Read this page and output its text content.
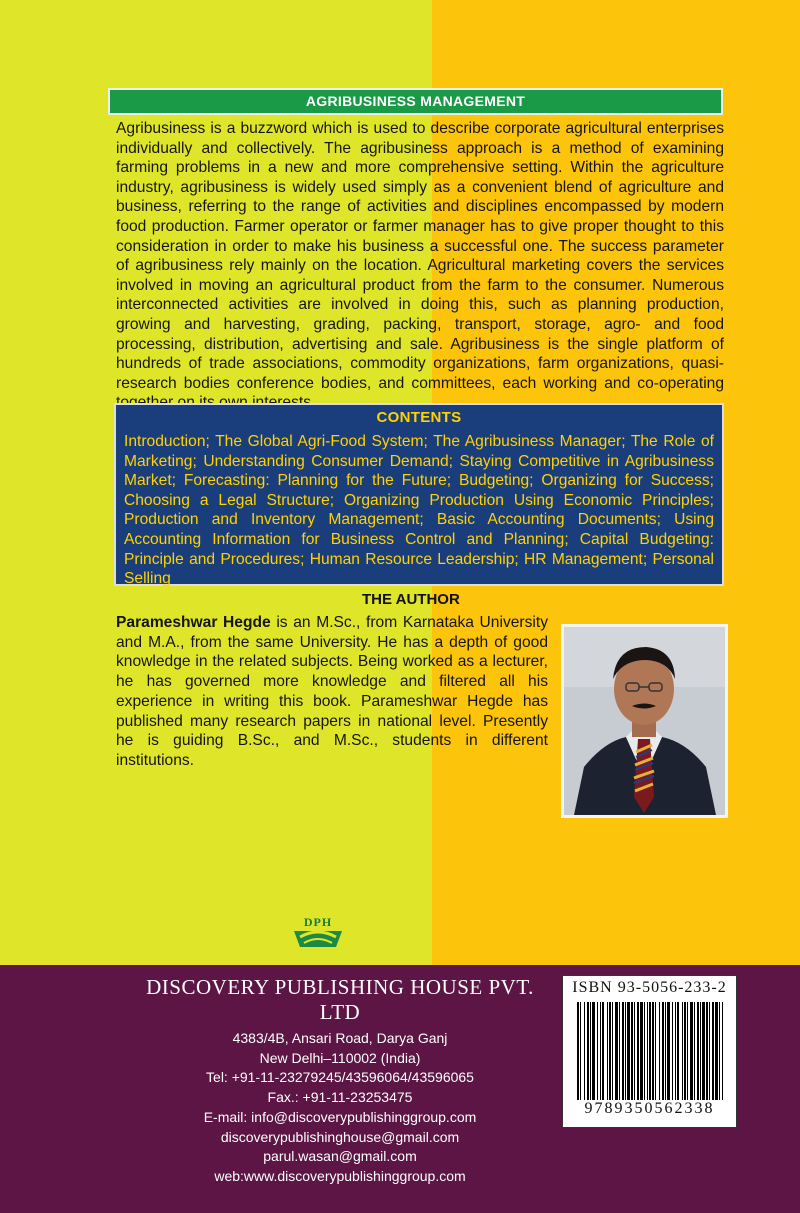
AGRIBUSINESS MANAGEMENT

Agribusiness is a buzzword which is used to describe corporate agricultural enterprises individually and collectively. The agribusiness approach is a method of examining farming problems in a new and more comprehensive setting. Within the agriculture industry, agribusiness is widely used simply as a convenient blend of agriculture and business, referring to the range of activities and disciplines encompassed by modern food production. Farmer operator or farmer manager has to give proper thought to this consideration in order to make his business a successful one. The success parameter of agribusiness rely mainly on the location. Agricultural marketing covers the services involved in moving an agricultural product from the farm to the consumer. Numerous interconnected activities are involved in doing this, such as planning production, growing and harvesting, grading, packing, transport, storage, agro- and food processing, distribution, advertising and sale. Agribusiness is the single platform of hundreds of trade associations, commodity organizations, farm organizations, quasi-research bodies conference bodies, and committees, each working and co-operating

CONTENTS

Introduction; The Global Agri-Food System; The Agribusiness Manager; The Role of Marketing; Understanding Consumer Demand; Staying Competitive in Agribusiness Market; Forecasting: Planning for the Future; Budgeting; Organizing for Success; Choosing a Legal Structure; Organizing Production Using Economic Principles; Production and Inventory Management; Basic Accounting Documents; Using Accounting Information for Business Control and Planning; Capital Budgeting: Principle and Procedures; Human Resource Leadership; HR Management; Personal Selling

THE AUTHOR

Parameshwar Hegde is an M.Sc., from Karnataka University and M.A., from the same University. He has a depth of good knowledge in the related subjects. Being worked as a lecturer, he has governed more knowledge and filtered all his experience in writing this book. Parameshwar Hegde has published many research papers in national level. Presently he is guiding B.Sc., and M.Sc., students in different institutions.

DPH
DISCOVERY PUBLISHING HOUSE PVT. LTD
4383/4B, Ansari Road, Darya Ganj
New Delhi–110002 (India)
Tel: +91-11-23279245/43596064/43596065
Fax.: +91-11-23253475
E-mail: info@discoverypublishinggroup.com
discoverypublishinghouse@gmail.com
parul.wasan@gmail.com
web:www.discoverypublishinggroup.com
ISBN 93-5056-233-2
9789350562338
